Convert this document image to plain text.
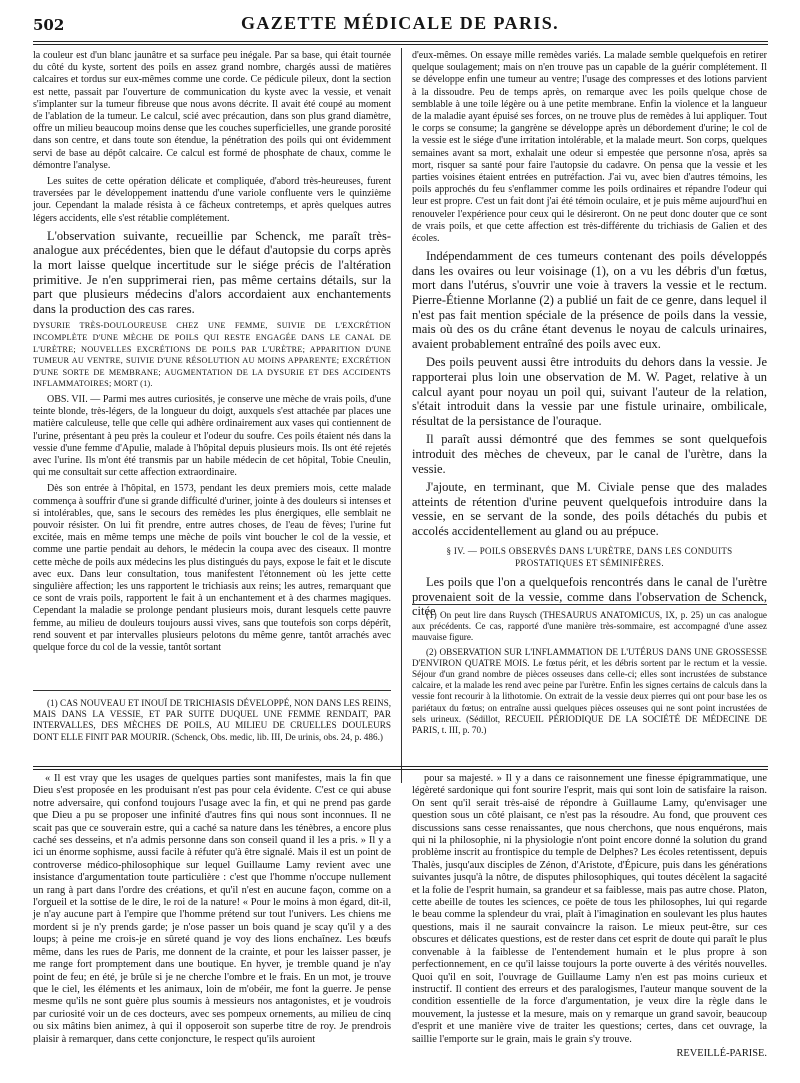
502	GAZETTE MÉDICALE DE PARIS.

la couleur est d'un blanc jaunâtre et sa surface peu inégale. Par sa base, qui était tournée du côté du kyste, sortent des poils en assez grand nombre, chargés aussi de matières calcaires et tordus sur eux-mêmes comme une corde. Ce pédicule pileux, dont la section est nette, passait par l'ouverture de communication du kyste avec la vessie, et venait s'implanter sur la tumeur fibreuse que nous avons décrite. Il avait été coupé au moment de l'ablation de la tumeur. Le calcul, scié avec précaution, dans son plus grand diamètre, offre un milieu beaucoup moins dense que les couches superficielles, une grande porosité dans son centre, et dans toute son étendue, la pénétration des poils qui ont évidemment servi de base au dépôt calcaire. Ce calcul est formé de phosphate de chaux, comme le démontre l'analyse.

Les suites de cette opération délicate et compliquée, d'abord très-heureuses, furent traversées par le développement inattendu d'une variole confluente vers le quinzième jour. Cependant la malade résista à ce fâcheux contretemps, et après quelques autres légers accidents, elle s'est rétablie complétement.

L'observation suivante, recueillie par Schenck, me paraît très-analogue aux précédentes, bien que le défaut d'autopsie du corps après la mort laisse quelque incertitude sur le siége précis de l'altération primitive. Je n'en supprimerai rien, pas même certains détails, sur la part que plusieurs médecins d'alors accordaient aux enchantements dans la production des cas rares.

DYSURIE TRÈS-DOULOUREUSE CHEZ UNE FEMME, SUIVIE DE L'EXCRÉTION INCOMPLÈTE D'UNE MÈCHE DE POILS QUI RESTE ENGAGÉE DANS LE CANAL DE L'URÈTRE; NOUVELLES EXCRÉTIONS DE POILS PAR L'URÈTRE; APPARITION D'UNE TUMEUR AU VENTRE, SUIVIE D'UNE RÉSOLUTION AU MOINS APPARENTE; EXCRÉTION D'UNE SORTE DE MEMBRANE; AUGMENTATION DE LA DYSURIE ET DES ACCIDENTS INFLAMMATOIRES; MORT (1).

OBS. VII. — Parmi mes autres curiosités, je conserve une mèche de vrais poils, d'une teinte blonde, très-légers, de la longueur du doigt, auxquels s'est attachée par places une matière calculeuse, telle que celle qui adhère ordinairement aux vases qui contiennent de l'urine, présentant à peu près la couleur et l'odeur du soufre. Ces poils étaient nés dans la vessie d'une femme d'Apulie, malade à l'hôpital depuis plusieurs mois. Ils ont été rejetés avec l'urine. Ils m'ont été transmis par un habile médecin de cet hôpital, Tobie Cneulin, qui me consultait sur cette affection extraordinaire.

Dès son entrée à l'hôpital, en 1573, pendant les deux premiers mois, cette malade commença à souffrir d'une si grande difficulté d'uriner, jointe à des douleurs si intenses et si intolérables, que, sans le secours des remèdes les plus énergiques, elle semblait ne pouvoir résister. On lui fit prendre, entre autres choses, de l'eau de fèves; l'urine fut excitée, mais en même temps une mèche de poils vint boucher le col de la vessie, et comme une partie pendait au dehors, le médecin la coupa avec des ciseaux. Il montre cette mèche de poils aux médecins les plus distingués du pays, expose le fait et le discute avec eux. Dans leur consultation, tous manifestent l'étonnement où les jette cette singulière affection; les uns rapportent le trichiasis aux reins; les autres, remarquant que ce sont de vrais poils, rapportent le fait à un enchantement et à des charmes magiques. Cependant la maladie se prolonge pendant plusieurs mois, durant lesquels cette pauvre femme, au milieu de douleurs toujours aussi vives, sans que toutefois son corps dépérît, rend souvent et par intervalles plusieurs pelotons du même genre, tantôt arrachés avec quelque force du col de la vessie, tantôt sortant

d'eux-mêmes. On essaye mille remèdes variés. La malade semble quelquefois en retirer quelque soulagement; mais on n'en trouve pas un capable de la guérir complétement. Il se développe enfin une tumeur au ventre; l'usage des compresses et des lotions parvient à la dissoudre. Peu de temps après, on remarque avec les poils quelque chose de semblable à une toile légère ou à une petite membrane. Enfin la violence et la langueur de la maladie ayant épuisé ses forces, on ne trouve plus de remèdes à lui appliquer. Tout le corps se consume; la gangrène se développe après un débordement d'urine; le col de la vessie est le siége d'une irritation intolérable, et la malade meurt. Son corps, quelques semaines avant sa mort, exhalait une odeur si empestée que personne n'osa, après sa mort, risquer sa santé pour faire l'autopsie du cadavre. On pensa que la vessie et les parties voisines étaient entrées en putréfaction. J'ai vu, avec bien d'autres témoins, les poils approchés du feu s'enflammer comme les poils ordinaires et répandre l'odeur qui leur est propre. C'est un fait dont j'ai été témoin oculaire, et je puis même aujourd'hui en renouveler l'expérience pour ceux qui le désireront. On ne peut donc douter que ce sont de vrais poils, et que cette affection est très-différente du trichiasis de Galien et des écoles.

Indépendamment de ces tumeurs contenant des poils développés dans les ovaires ou leur voisinage (1), on a vu les débris d'un fœtus, mort dans l'utérus, s'ouvrir une voie à travers la vessie et le rectum. Pierre-Étienne Morlanne (2) a publié un fait de ce genre, dans lequel il n'est pas fait mention spéciale de la présence de poils dans la vessie, mais où des os du crâne étant devenus le noyau de calculs urinaires, avaient probablement entraîné des poils avec eux.

Des poils peuvent aussi être introduits du dehors dans la vessie. Je rapporterai plus loin une observation de M. W. Paget, relative à un calcul ayant pour noyau un poil qui, suivant l'auteur de la relation, s'était introduit dans la vessie par une fistule urinaire, ombilicale, résultat de la persistance de l'ouraque.

Il paraît aussi démontré que des femmes se sont quelquefois introduit des mèches de cheveux, par le canal de l'urètre, dans la vessie.

J'ajoute, en terminant, que M. Civiale pense que des malades atteints de rétention d'urine peuvent quelquefois introduire dans la vessie, en se servant de la sonde, des poils détachés du pubis et accolés accidentellement au gland ou au prépuce.

§ IV. — POILS OBSERVÉS DANS L'URÈTRE, DANS LES CONDUITS PROSTATIQUES ET SÉMINIFÈRES.

Les poils que l'on a quelquefois rencontrés dans le canal de l'urètre provenaient soit de la vessie, comme dans l'observation de Schenck, citée

(1) CAS NOUVEAU ET INOUÏ DE TRICHIASIS DÉVELOPPÉ, NON DANS LES REINS, MAIS DANS LA VESSIE, ET PAR SUITE DUQUEL UNE FEMME RENDAIT, PAR INTERVALLES, DES MÈCHES DE POILS, AU MILIEU DE CRUELLES DOULEURS DONT ELLE FINIT PAR MOURIR. (Schenck, Obs. medic, lib. III, De urinis, obs. 24, p. 486.)

(1) On peut lire dans Ruysch (THESAURUS ANATOMICUS, IX, p. 25) un cas analogue aux précédents. Ce cas, rapporté d'une manière très-sommaire, est accompagné d'une assez mauvaise figure.

(2) OBSERVATION SUR L'INFLAMMATION DE L'UTÉRUS DANS UNE GROSSESSE D'ENVIRON QUATRE MOIS. Le fœtus périt, et les débris sortent par le rectum et la vessie. Séjour d'un grand nombre de pièces osseuses dans celle-ci; elles sont incrustées de substance calcaire, et la malade les rend avec peine par l'urètre. Enfin les signes certains de calculs dans la vessie font recourir à la lithotomie. On extrait de la vessie deux pierres qui ont pour base les os pariétaux du fœtus; on entraîne aussi quelques pièces osseuses qui ne sont point incrustées de sels urineux. (Sédillot, RECUEIL PÉRIODIQUE DE LA SOCIÉTÉ DE MÉDECINE DE PARIS, t. III, p. 70.)

« Il est vray que les usages de quelques parties sont manifestes, mais la fin que Dieu s'est proposée en les produisant n'est pas pour cela évidente. C'est ce qui abuse notre adversaire, qui confond toujours l'usage avec la fin, et qui ne prend pas garde que Dieu a pu se proposer une infinité d'autres fins qui nous sont inconnues. Il ne scait pas que ce souverain estre, qui a caché sa nature dans les ténèbres, a encore plus caché ses desseins, et n'a admis personne dans son conseil quand il les a pris. » Il y a ici un énorme sophisme, aussi facile à réfuter qu'à être signalé. Mais il est un point de controverse médico-philosophique sur lequel Guillaume Lamy revient avec une insistance d'argumentation toute particulière : c'est que l'homme n'occupe nullement un rang à part dans l'ordre des créations, et qu'il n'est en aucune façon, comme on a l'orgueil et la sottise de le dire, le roi de la nature! « Pour le moins à mon égard, dit-il, je n'ay aucune part à l'empire que l'homme prétend sur tout l'univers. Les chiens me mordent si je n'y prends garde; je n'ose passer un bois quand je scay qu'il y a des loups; à peine me crois-je en sûreté quand je voy des lions enchaînez. Les bœufs même, dans les rues de Paris, me donnent de la crainte, et pour les laisser passer, je me range fort promptement dans une boutique. En hyver, je tremble quand je n'ay point de feu; en été, je brûle si je ne cherche l'ombre et le frais. En un mot, je trouve que le ciel, les éléments et les animaux, loin de m'obéir, me font la guerre. Je pense mesme qu'ils ne sont guère plus soumis à messieurs nos antagonistes, et je voudrois par curiosité voir un de ces docteurs, avec ses pompeux ornements, au milieu de cinq ou six mâtins bien animez, à qui il opposeroit son superbe titre de roy. Je prendrois plaisir à remarquer, dans cette conjoncture, le respect qu'ils auroient

pour sa majesté. » Il y a dans ce raisonnement une finesse épigrammatique, une légèreté sardonique qui font sourire l'esprit, mais qui sont loin de satisfaire la raison. On sent qu'il serait très-aisé de répondre à Guillaume Lamy, qu'envisager une question sous un côté plaisant, ce n'est pas la résoudre. Au fond, que prouvent ces discussions sans cesse renaissantes, que nous cherchons, que nous enquérons, mais qui ni la philosophie, ni la physiologie n'ont point encore donné la solution du grand problème inscrit au frontispice du temple de Delphes? Les écoles retentissent, depuis Thalès, jusqu'aux disciples de Zénon, d'Aristote, d'Épicure, puis dans les générations suivantes jusqu'à la nôtre, de disputes philosophiques, qui toutes décèlent la sagacité et la folie de l'esprit humain, sa grandeur et sa faiblesse, mais pas autre chose. Platon, cette abeille de toutes les sciences, ce poëte de tous les philosophes, lui qui regarde le beau comme la splendeur du vrai, plaît à l'imagination en soulevant les plus hautes questions, mais il ne saurait convaincre la raison. Le mieux peut-être, sur ces obscures et délicates questions, est de rester dans cet esprit de doute qui paraît le plus convenable à la faiblesse de l'entendement humain et le plus propre à son perfectionnement, en ce qu'il laisse toujours la porte ouverte à des vérités nouvelles. Quoi qu'il en soit, l'ouvrage de Guillaume Lamy n'en est pas moins curieux et instructif. Il contient des erreurs et des paralogismes, l'auteur manque souvent de la condition essentielle de la force d'argumentation, je veux dire la règle dans le mouvement, la justesse et la mesure, mais on y remarque un grand savoir, beaucoup d'esprit et une manière vive de traiter les questions; certes, dans cet ouvrage, la saillie l'emporte sur le grain, mais le grain s'y trouve.

REVEILLÉ-PARISE.
